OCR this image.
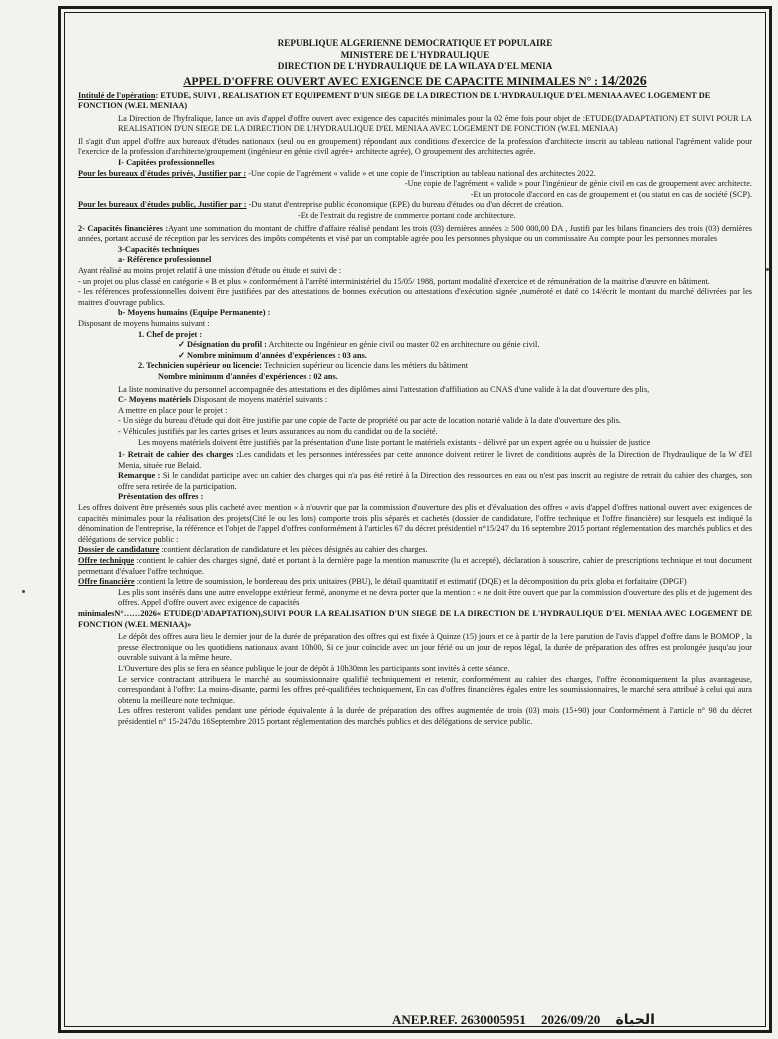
REPUBLIQUE ALGERIENNE DEMOCRATIQUE ET POPULAIRE
MINISTERE DE L'HYDRAULIQUE
DIRECTION DE L'HYDRAULIQUE DE LA WILAYA D'EL MENIA
APPEL D'OFFRE OUVERT AVEC EXIGENCE DE CAPACITE MINIMALES N° : 14/2026

Intitulé de l'opération: ETUDE, SUIVI , REALISATION ET EQUIPEMENT D'UN SIEGE DE LA DIRECTION DE L'HYDRAULIQUE D'EL MENIAA AVEC LOGEMENT DE FONCTION (W.EL MENIAA)

La Direction de l'hyfralique, lance un avis d'appel d'offre ouvert avec exigence des capacités minimales pour la 02 ème fois pour objet de :ETUDE(D'ADAPTATION) ET SUIVI POUR LA REALISATION D'UN SIEGE DE LA DIRECTION DE L'HYDRAULIQUE D'EL MENIAA AVEC LOGEMENT DE FONCTION (W.EL MENIAA)

Il s'agit d'un appel d'offre aux bureaux d'études nationaux (seul ou en groupement) répondant aux conditions d'exercice de la profession d'architecte inscrit au tableau national l'agrément valide pour l'exercice de la profession d'architecte/groupement (ingénieur en génie civil agrée+ architecte agrée), O groupement des architectes agrée.

I- Capitées professionnelles

Pour les bureaux d'études privés, Justifier par : -Une copie de l'agrément « valide » et une copie de l'inscription au tableau national des architectes 2022.

-Une copie de l'agrément « valide » pour l'ingénieur de génie civil en cas de groupement avec architecte.

-Et un protocole d'accord en cas de groupement et (ou statut en cas de société (SCP).

Pour les bureaux d'études public, Justifier par : -Du statut d'entreprise public économique (EPE) du bureau d'études ou d'un décret de création.

-Et de l'extrait du registre de commerce portant code architecture.

2- Capacités financières :Ayant une sommation du montant de chiffre d'affaire réalisé pendant les trois (03) dernières années ≥ 500 000,00 DA , Justifi par les bilans financiers des trois (03) dernières années, portant accusé de réception par les services des impôts compétents et visé par un comptable agrée pou les personnes physique ou un commissaire Au compte pour les personnes morales

3-Capacités techniques

a- Référence professionnel

Ayant réalisé au moins projet relatif à une mission d'étude ou étude et suivi de :

- un projet ou plus classé en catégorie « B et plus » conformément à l'arrêté interministériel du 15/05/ 1988, portant modalité d'exercice et de rémunération de la maitrise d'œuvre en bâtiment.

- les références professionnelles doivent être justifiées par des attestations de bonnes exécution ou attestations d'exécution signée ,numéroté et daté co 14/écrit le montant du marché délivrées par les maitres d'ouvrage publics.

b- Moyens humains (Equipe Permanente) :

Disposant de moyens humains suivant :

1. Chef de projet :

✓ Désignation du profil : Architecte ou Ingénieur en génie civil ou master 02 en architecture ou génie civil.

✓ Nombre minimum d'années d'expériences : 03 ans.

2. Technicien supérieur ou licencie: Technicien supérieur ou licencie dans les métiers du bâtiment

Nombre minimum d'années d'expériences : 02 ans.

La liste nominative du personnel accompagnée des attestations et des diplômes ainsi l'attestation d'affiliation au CNAS d'une valide à la dat d'ouverture des plis,

C- Moyens matériels Disposant de moyens matériel suivants :

A mettre en place pour le projet :

- Un siège du bureau d'étude qui doit être justifie par une copie de l'acte de propriété ou par acte de location notarié valide à la date d'ouverture des plis.

- Véhicules justifiés par les cartes grises et leurs assurances au nom du candidat ou de la société.

Les moyens matériels doivent être justifiés par la présentation d'une liste portant le matériels existants - délivré par un expert agrée ou u huissier de justice

1- Retrait de cahier des charges :Les candidats et les personnes intéressées par cette annonce doivent retirer le livret de conditions auprès de la Direction de l'hydraulique de la W d'El Menia, située rue Belaid.

Remarque : Si le candidat participe avec un cahier des charges qui n'a pas été retiré à la Direction des ressources en eau ou n'est pas inscrit au registre de retrait du cahier des charges, son offre sera retirée de la participation.

Présentation des offres :

Les offres doivent être présentés sous plis cacheté avec mention « à n'ouvrir que par la commission d'ouverture des plis et d'évaluation des offres « avis d'appel d'offres national ouvert avec exigences de capacités minimales pour la réalisation des projets(Cité le ou les lots) comporte trois plis séparés et cachetés (dossier de candidature, l'offre technique et l'offre financière) sur lesquels est indiqué la dénomination de l'entreprise, la référence et l'objet de l'appel d'offres conformément à l'articles 67 du décret présidentiel n°15/247 du 16 septembre 2015 portant réglementation des marchés publics et des délégations de service public :

Dossier de candidature :contient déclaration de candidature et les pièces désignés au cahier des charges.

Offre technique :contient le cahier des charges signé, daté et portant à la dernière page la mention manuscrite (lu et accepté), déclaration à souscrire, cahier de prescriptions technique et tout document permettant d'évaluer l'offre technique.

Offre financière :contient la lettre de soumission, le bordereau des prix unitaires (PBU), le détail quantitatif et estimatif (DQE) et la décomposition du prix globa et forfaitaire (DPGF)

Les plis sont insérés dans une autre enveloppe extérieur fermé, anonyme et ne devra porter que la mention : « ne doit être ouvert que par la commission d'ouverture des plis et de jugement des offres. Appel d'offre ouvert avec exigence de capacités

minimalesN°……2026« ETUDE(D'ADAPTATION),SUIVI POUR LA REALISATION D'UN SIEGE DE LA DIRECTION DE L'HYDRAULIQUE D'EL MENIAA AVEC LOGEMENT DE FONCTION (W.EL MENIAA)»

Le dépôt des offres aura lieu le dernier jour de la durée de préparation des offres qui est fixée à Quinze (15) jours et ce à partir de la 1ere parution de l'avis d'appel d'offre dans le BOMOP , la presse électronique ou les quotidiens nationaux avant 10h00, Si ce jour coïncide avec un jour férié ou un jour de repos légal, la durée de préparation des offres est prolongée jusqu'au jour ouvrable suivant à la même heure.

L'Ouverture des plis se fera en séance publique le jour de dépôt à 10h30mn les participants sont invités à cette séance.

Le service contractant attribuera le marché au soumissionnaire qualifié techniquement et retenir, conformément au cahier des charges, l'offre économiquement la plus avantageuse, correspondant à l'offre: La moins-disante, parmi les offres pré-qualifiées techniquement, En cas d'offres financières égales entre les soumissionnaires, le marché sera attribué à celui qui aura obtenu la meilleure note technique.

Les offres resteront valides pendant une période équivalente à la durée de préparation des offres augmentée de trois (03) mois (15+90) jour Conformément à l'article n° 98 du décret présidentiel n° 15-247du 16Septembre 2015 portant réglementation des marchés publics et des délégations de service public.

ANEP.REF. 2630005951 2026/09/20 الحياة
